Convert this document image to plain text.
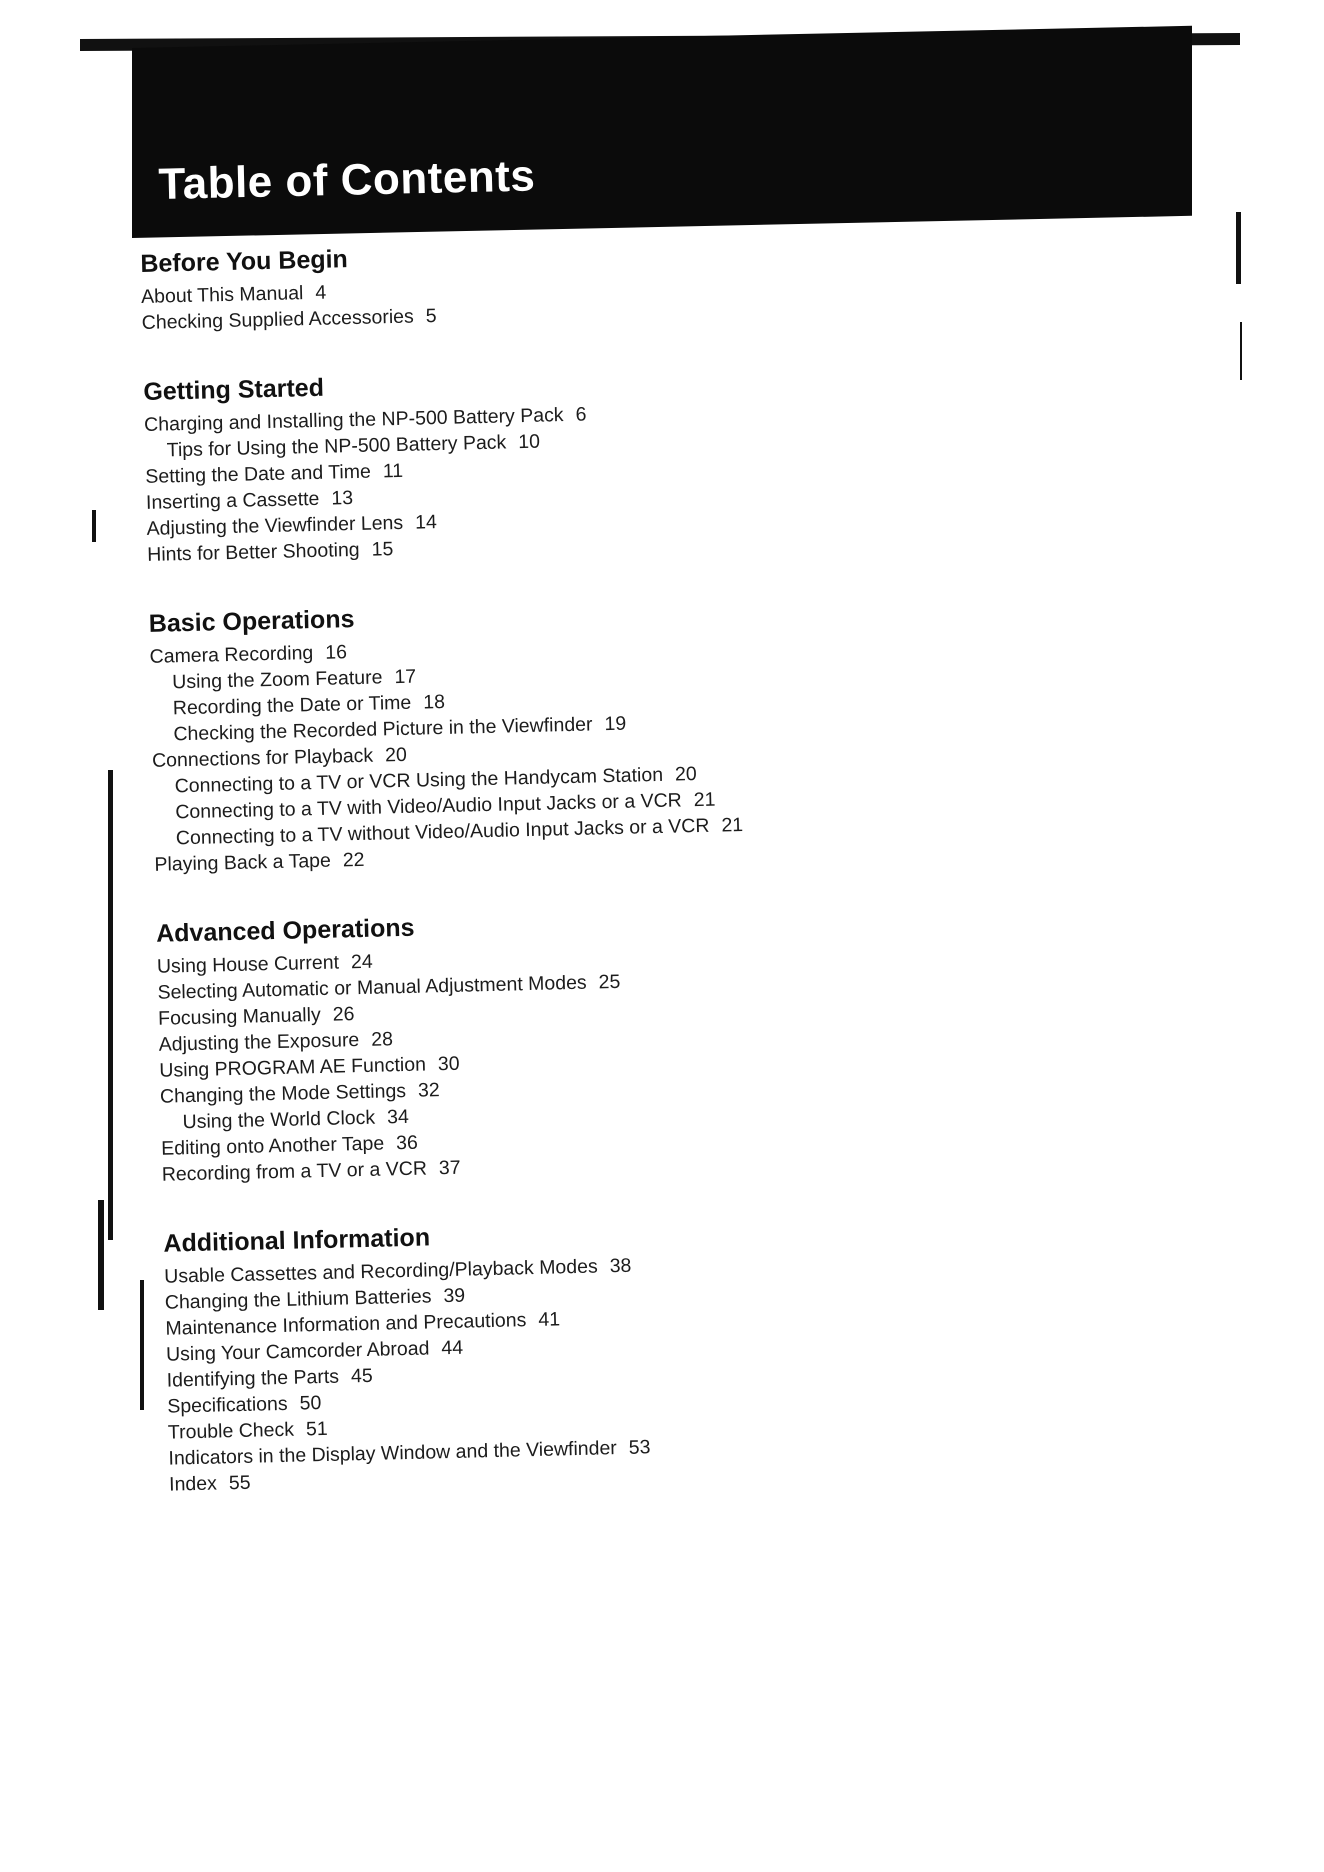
Table of Contents
Before You Begin
About This Manual 4
Checking Supplied Accessories 5
Getting Started
Charging and Installing the NP-500 Battery Pack 6
Tips for Using the NP-500 Battery Pack 10
Setting the Date and Time 11
Inserting a Cassette 13
Adjusting the Viewfinder Lens 14
Hints for Better Shooting 15
Basic Operations
Camera Recording 16
Using the Zoom Feature 17
Recording the Date or Time 18
Checking the Recorded Picture in the Viewfinder 19
Connections for Playback 20
Connecting to a TV or VCR Using the Handycam Station 20
Connecting to a TV with Video/Audio Input Jacks or a VCR 21
Connecting to a TV without Video/Audio Input Jacks or a VCR 21
Playing Back a Tape 22
Advanced Operations
Using House Current 24
Selecting Automatic or Manual Adjustment Modes 25
Focusing Manually 26
Adjusting the Exposure 28
Using PROGRAM AE Function 30
Changing the Mode Settings 32
Using the World Clock 34
Editing onto Another Tape 36
Recording from a TV or a VCR 37
Additional Information
Usable Cassettes and Recording/Playback Modes 38
Changing the Lithium Batteries 39
Maintenance Information and Precautions 41
Using Your Camcorder Abroad 44
Identifying the Parts 45
Specifications 50
Trouble Check 51
Indicators in the Display Window and the Viewfinder 53
Index 55
